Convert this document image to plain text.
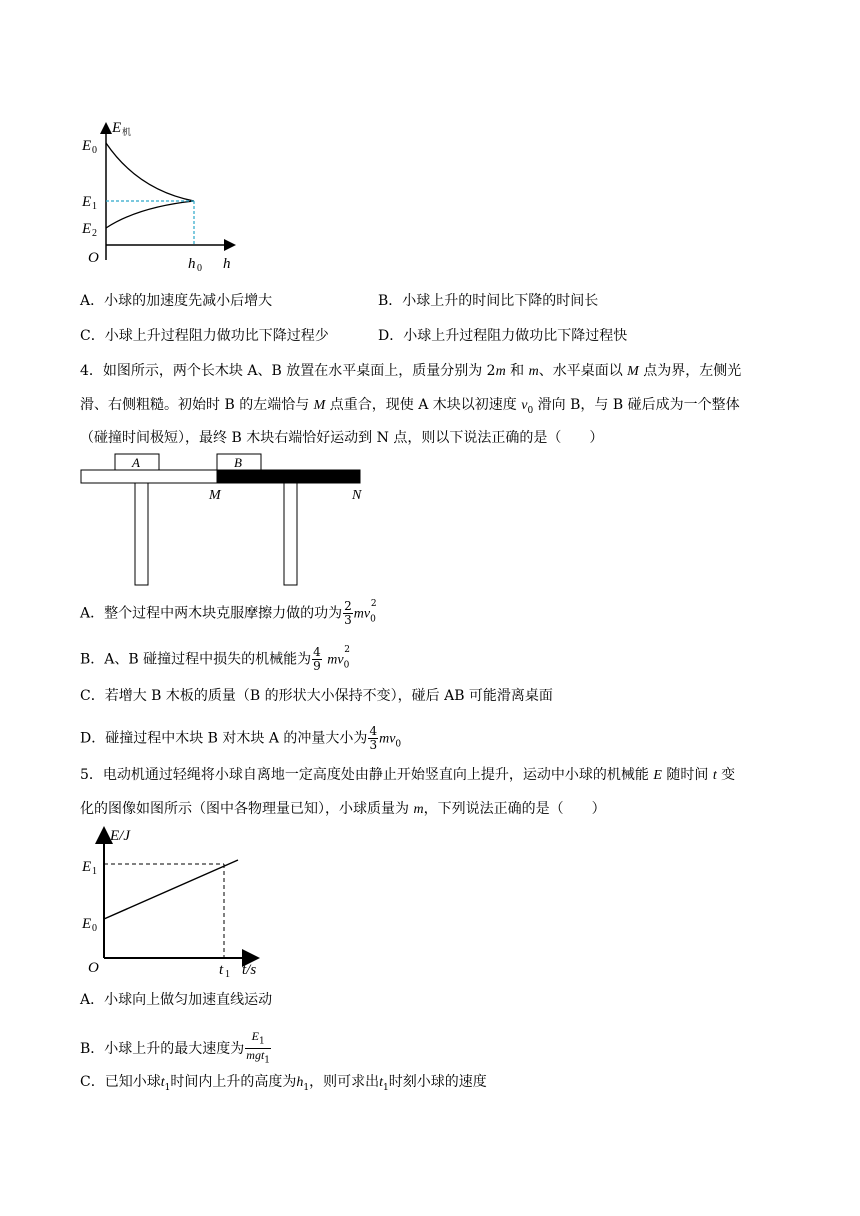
E 机
E 0
E 1
E 2
O	h 0 h
A．小球的加速度先减小后增大	B．小球上升的时间比下降的时间长
C．小球上升过程阻力做功比下降过程少	D．小球上升过程阻力做功比下降过程快
4．如图所示，两个长木块 A、B 放置在水平桌面上，质量分别为 2m 和 m、水平桌面以 M 点为界，左侧光
滑、右侧粗糙。初始时 B 的左端恰与 M 点重合，现使 A 木块以初速度 $v_0$ 滑向 B，与 B 碰后成为一个整体
（碰撞时间极短），最终 B 木块右端恰好运动到 N 点，则以下说法正确的是（　　）
A	B
M	N
A．整个过程中两木块克服摩擦力做的功为 $\frac{2}{3} mv_0^2$
B．A、B 碰撞过程中损失的机械能为 $\frac{4}{9} mv_0^2$
C．若增大 B 木板的质量（B 的形状大小保持不变），碰后 AB 可能滑离桌面
D．碰撞过程中木块 B 对木块 A 的冲量大小为 $\frac{4}{3} mv_0$
5．电动机通过轻绳将小球自离地一定高度处由静止开始竖直向上提升，运动中小球的机械能 E 随时间 t 变
化的图像如图所示（图中各物理量已知），小球质量为 m，下列说法正确的是（　　）
E/J
E 1
E 0
O	t 1 t/s
A．小球向上做匀加速直线运动
B．小球上升的最大速度为 $\frac{E_1}{mgt_1}$
C．已知小球$t_1$时间内上升的高度为$h_1$，则可求出$t_1$时刻小球的速度
